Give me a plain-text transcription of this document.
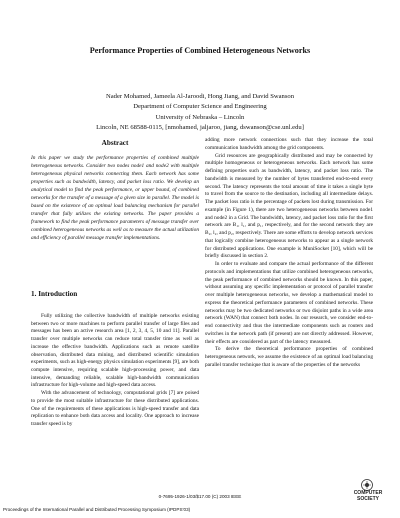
Performance Properties of Combined Heterogeneous Networks
Nader Mohamed, Jameela Al-Jaroodi, Hong Jiang, and David Swanson
Department of Computer Science and Engineering
University of Nebraska – Lincoln
Lincoln, NE 68588-0115, [nmohamed, jaljaroo, jiang, dswanson@cse.unl.edu]
Abstract
In this paper we study the performance properties of combined multiple heterogeneous networks. Consider two nodes node1 and node2 with multiple heterogeneous physical networks connecting them. Each network has some properties such as bandwidth, latency, and packet loss ratio. We develop an analytical model to find the peak performance, or upper bound, of combined networks for the transfer of a message of a given size in parallel. The model is based on the existence of an optimal load balancing mechanism for parallel transfer that fully utilizes the existing networks. The paper provides a framework to find the peak performance parameters of message transfer over combined heterogeneous networks as well as to measure the actual utilization and efficiency of parallel message transfer implementations.
1. Introduction

Fully utilizing the collective bandwidth of multiple networks existing between two or more machines to perform parallel transfer of large files and messages has been an active research area [1, 2, 3, 4, 5, 10 and 11]. Parallel transfer over multiple networks can reduce total transfer time as well as increase the effective bandwidth. Applications such as remote satellite observation, distributed data mining, and distributed scientific simulation experiments, such as high-energy physics simulation experiments [9], are both compute intensive, requiring scalable high-processing power, and data intensive, demanding reliable, scalable high-bandwidth communication infrastructure for high-volume and high-speed data access.

With the advancement of technology, computational grids [7] are poised to provide the most suitable infrastructure for these distributed applications. One of the requirements of these applications is high-speed transfer and data replication to enhance both data access and locality. One approach to increase transfer speed is by

adding more network connections such that they increase the total communication bandwidth among the grid components.

Grid resources are geographically distributed and may be connected by multiple homogeneous or heterogeneous networks. Each network has some defining properties such as bandwidth, latency, and packet loss ratio. The bandwidth is measured by the number of bytes transferred end-to-end every second. The latency represents the total amount of time it takes a single byte to travel from the source to the destination, including all intermediate delays. The packet loss ratio is the percentage of packets lost during transmission. For example (in Figure 1), there are two heterogeneous networks between node1 and node2 in a Grid. The bandwidth, latency, and packet loss ratio for the first network are B₁, l₁, and p₁, respectively, and for the second network they are B₂, l₂, and p₂, respectively. There are some efforts to develop network services that logically combine heterogeneous networks to appear as a single network for distributed applications. One example is MuniSocket [10], which will be briefly discussed in section 2.

In order to evaluate and compare the actual performance of the different protocols and implementations that utilize combined heterogeneous networks, the peak performance of combined networks should be known. In this paper, without assuming any specific implementation or protocol of parallel transfer over multiple heterogeneous networks, we develop a mathematical model to express the theoretical performance parameters of combined networks. These networks may be two dedicated networks or two disjoint paths in a wide area network (WAN) that connect both nodes. In our research, we consider end-to-end connectivity and thus the intermediate components such as routers and switches in the network path (if present) are not directly addressed. However, their effects are considered as part of the latency measured.

To derive the theoretical performance properties of combined heterogeneous network, we assume the existence of an optimal load balancing parallel transfer technique that is aware of the properties of the networks

COMPUTER
SOCIETY
0-7695-1926-1/03/$17.00 (C) 2003 IEEE
Proceedings of the International Parallel and Distributed Processing Symposium (IPDPS’03)
